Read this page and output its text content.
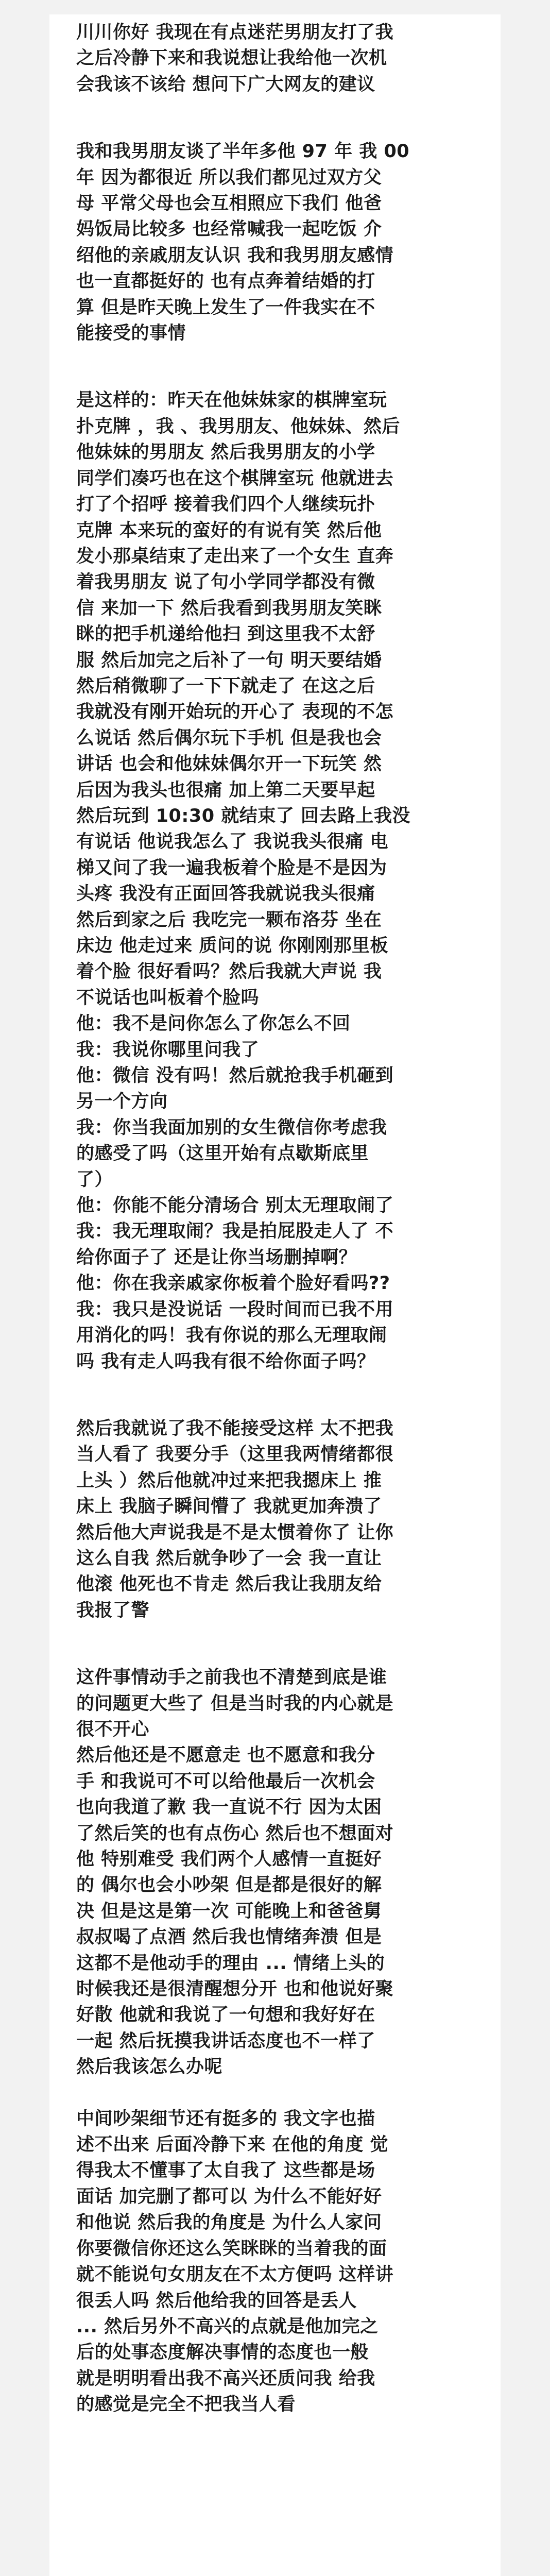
川川你好 我现在有点迷茫男朋友打了我
之后冷静下来和我说想让我给他一次机
会我该不该给 想问下广大网友的建议

我和我男朋友谈了半年多他 97 年 我 00
年 因为都很近 所以我们都见过双方父
母 平常父母也会互相照应下我们 他爸
妈饭局比较多 也经常喊我一起吃饭 介
绍他的亲戚朋友认识 我和我男朋友感情
也一直都挺好的 也有点奔着结婚的打
算 但是昨天晚上发生了一件我实在不
能接受的事情

是这样的：昨天在他妹妹家的棋牌室玩
扑克牌 ，我 、我男朋友、他妹妹、然后
他妹妹的男朋友 然后我男朋友的小学
同学们凑巧也在这个棋牌室玩 他就进去
打了个招呼 接着我们四个人继续玩扑
克牌 本来玩的蛮好的有说有笑 然后他
发小那桌结束了走出来了一个女生 直奔
着我男朋友 说了句小学同学都没有微
信 来加一下 然后我看到我男朋友笑眯
眯的把手机递给他扫 到这里我不太舒
服 然后加完之后补了一句 明天要结婚
然后稍微聊了一下下就走了 在这之后
我就没有刚开始玩的开心了 表现的不怎
么说话 然后偶尔玩下手机 但是我也会
讲话 也会和他妹妹偶尔开一下玩笑 然
后因为我头也很痛 加上第二天要早起
然后玩到 10:30 就结束了 回去路上我没
有说话 他说我怎么了 我说我头很痛 电
梯又问了我一遍我板着个脸是不是因为
头疼 我没有正面回答我就说我头很痛
然后到家之后 我吃完一颗布洛芬 坐在
床边 他走过来 质问的说 你刚刚那里板
着个脸 很好看吗？然后我就大声说 我
不说话也叫板着个脸吗
他：我不是问你怎么了你怎么不回
我：我说你哪里问我了
他：微信 没有吗！然后就抢我手机砸到
另一个方向
我：你当我面加别的女生微信你考虑我
的感受了吗（这里开始有点歇斯底里
了）
他：你能不能分清场合 别太无理取闹了
我：我无理取闹？我是拍屁股走人了 不
给你面子了 还是让你当场删掉啊？
他：你在我亲戚家你板着个脸好看吗??
我：我只是没说话 一段时间而已我不用
用消化的吗！我有你说的那么无理取闹
吗 我有走人吗我有很不给你面子吗？

然后我就说了我不能接受这样 太不把我
当人看了 我要分手（这里我两情绪都很
上头 ）然后他就冲过来把我摁床上 推
床上 我脑子瞬间懵了 我就更加奔溃了
然后他大声说我是不是太惯着你了 让你
这么自我 然后就争吵了一会 我一直让
他滚 他死也不肯走 然后我让我朋友给
我报了警

这件事情动手之前我也不清楚到底是谁
的问题更大些了 但是当时我的内心就是
很不开心
然后他还是不愿意走 也不愿意和我分
手 和我说可不可以给他最后一次机会
也向我道了歉 我一直说不行 因为太困
了然后笑的也有点伤心 然后也不想面对
他 特别难受 我们两个人感情一直挺好
的 偶尔也会小吵架 但是都是很好的解
决 但是这是第一次 可能晚上和爸爸舅
叔叔喝了点酒 然后我也情绪奔溃 但是
这都不是他动手的理由 ... 情绪上头的
时候我还是很清醒想分开 也和他说好聚
好散 他就和我说了一句想和我好好在
一起 然后抚摸我讲话态度也不一样了
然后我该怎么办呢

中间吵架细节还有挺多的 我文字也描
述不出来 后面冷静下来 在他的角度 觉
得我太不懂事了太自我了 这些都是场
面话 加完删了都可以 为什么不能好好
和他说 然后我的角度是 为什么人家问
你要微信你还这么笑眯眯的当着我的面
就不能说句女朋友在不太方便吗 这样讲
很丢人吗 然后他给我的回答是丢人
... 然后另外不高兴的点就是他加完之
后的处事态度解决事情的态度也一般
就是明明看出我不高兴还质问我 给我
的感觉是完全不把我当人看
